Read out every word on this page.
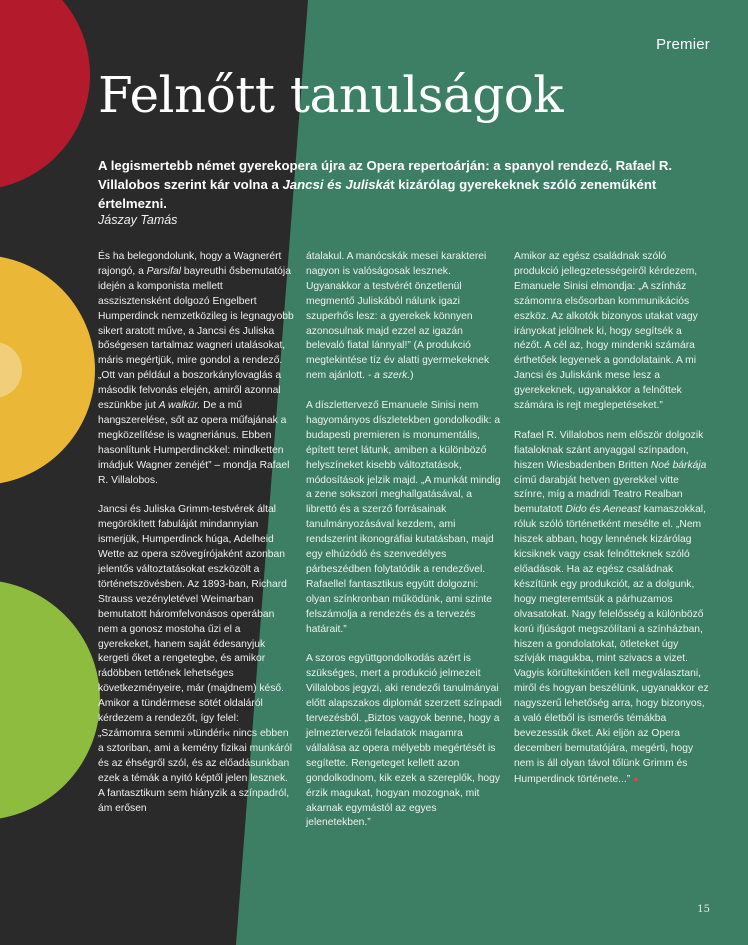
Premier
Felnőtt tanulságok

A legismertebb német gyerekopera újra az Opera repertoárján: a spanyol rendező, Rafael R. Villalobos szerint kár volna a Jancsi és Juliskát kizárólag gyerekeknek szóló zeneműként értelmezni.

Jászay Tamás

És ha belegondolunk, hogy a Wagnerért rajongó, a Parsifal bayreuthi ősbemutatója idején a komponista mellett asszisztensként dolgozó Engelbert Humperdinck nemzetközileg is legnagyobb sikert aratott műve, a Jancsi és Juliska bőségesen tartalmaz wagneri utalásokat, máris megértjük, mire gondol a rendező. „Ott van például a boszorkánylovaglás a második felvonás elején, amiről azonnal eszünkbe jut A walkür. De a mű hangszerelése, sőt az opera műfajának a megközelítése is wagneriánus. Ebben hasonlítunk Humperdinckkel: mindketten imádjuk Wagner zenéjét” – mondja Rafael R. Villalobos.

Jancsi és Juliska Grimm-testvérek által megörökített fabuláját mindannyian ismerjük, Humperdinck húga, Adelheid Wette az opera szövegírójaként azonban jelentős változtatásokat eszközölt a történetszövésben. Az 1893-ban, Richard Strauss vezényletével Weimarban bemutatott háromfelvonásos operában nem a gonosz mostoha űzi el a gyerekeket, hanem saját édesanyjuk kergeti őket a rengetegbe, és amikor rádöbben tettének lehetséges következményeire, már (majdnem) késő. Amikor a tündérmese sötét oldaláról kérdezem a rendezőt, így felel: „Számomra semmi »tündéri« nincs ebben a sztoriban, ami a kemény fizikai munkáról és az éhségről szól, és az előadásunkban ezek a témák a nyitó képtől jelen lesznek. A fantasztikum sem hiányzik a színpadról, ám erősen

átalakul. A manócskák mesei karakterei nagyon is valóságosak lesznek. Ugyanakkor a testvérét önzetlenül megmentő Juliskából nálunk igazi szuperhős lesz: a gyerekek könnyen azonosulnak majd ezzel az igazán belevaló fiatal lánnyal!” (A produkció megtekintése tíz év alatti gyermekeknek nem ajánlott. - a szerk.)

A díszlettervező Emanuele Sinisi nem hagyományos díszletekben gondolkodik: a budapesti premieren is monumentális, épített teret látunk, amiben a különböző helyszíneket kisebb változtatások, módosítások jelzik majd. „A munkát mindig a zene sokszori meghallgatásával, a librettó és a szerző forrásainak tanulmányozásával kezdem, ami rendszerint ikonográfiai kutatásban, majd egy elhúzódó és szenvedélyes párbeszédben folytatódik a rendezővel. Rafaellel fantasztikus együtt dolgozni: olyan színkronban működünk, ami szinte felszámolja a rendezés és a tervezés határait.”

A szoros együttgondolkodás azért is szükséges, mert a produkció jelmezeit Villalobos jegyzi, aki rendezői tanulmányai előtt alapszakos diplomát szerzett színpadi tervezésből. „Biztos vagyok benne, hogy a jelmeztervezői feladatok magamra vállalása az opera mélyebb megértését is segítette. Rengeteget kellett azon gondolkodnom, kik ezek a szereplők, hogy érzik magukat, hogyan mozognak, mit akarnak egymástól az egyes jelenetekben.”

Amikor az egész családnak szóló produkció jellegzetességeiről kérdezem, Emanuele Sinisi elmondja: „A színház számomra elsősorban kommunikációs eszköz. Az alkotók bizonyos utakat vagy irányokat jelölnek ki, hogy segítsék a nézőt. A cél az, hogy mindenki számára érthetőek legyenek a gondolataink. A mi Jancsi és Juliskánk mese lesz a gyerekeknek, ugyanakkor a felnőttek számára is rejt meglepetéseket.”

Rafael R. Villalobos nem először dolgozik fiataloknak szánt anyaggal színpadon, hiszen Wiesbadenben Britten Noé bárkája című darabját hetven gyerekkel vitte színre, míg a madridi Teatro Realban bemutatott Dido és Aeneast kamaszokkal, róluk szóló történetként mesélte el. „Nem hiszek abban, hogy lennének kizárólag kicsiknek vagy csak felnőtteknek szóló előadások. Ha az egész családnak készítünk egy produkciót, az a dolgunk, hogy megteremtsük a párhuzamos olvasatokat. Nagy felelősség a különböző korú ifjúságot megszólítani a színházban, hiszen a gondolatokat, ötleteket úgy szívják magukba, mint szivacs a vizet. Vagyis körültekintően kell megválasztani, miről és hogyan beszélünk, ugyanakkor ez nagyszerű lehetőség arra, hogy bizonyos, a való életből is ismerős témákba bevezessük őket. Aki eljön az Opera decemberi bemutatójára, megérti, hogy nem is áll olyan távol tőlünk Grimm és Humperdinck története...” ●

15
